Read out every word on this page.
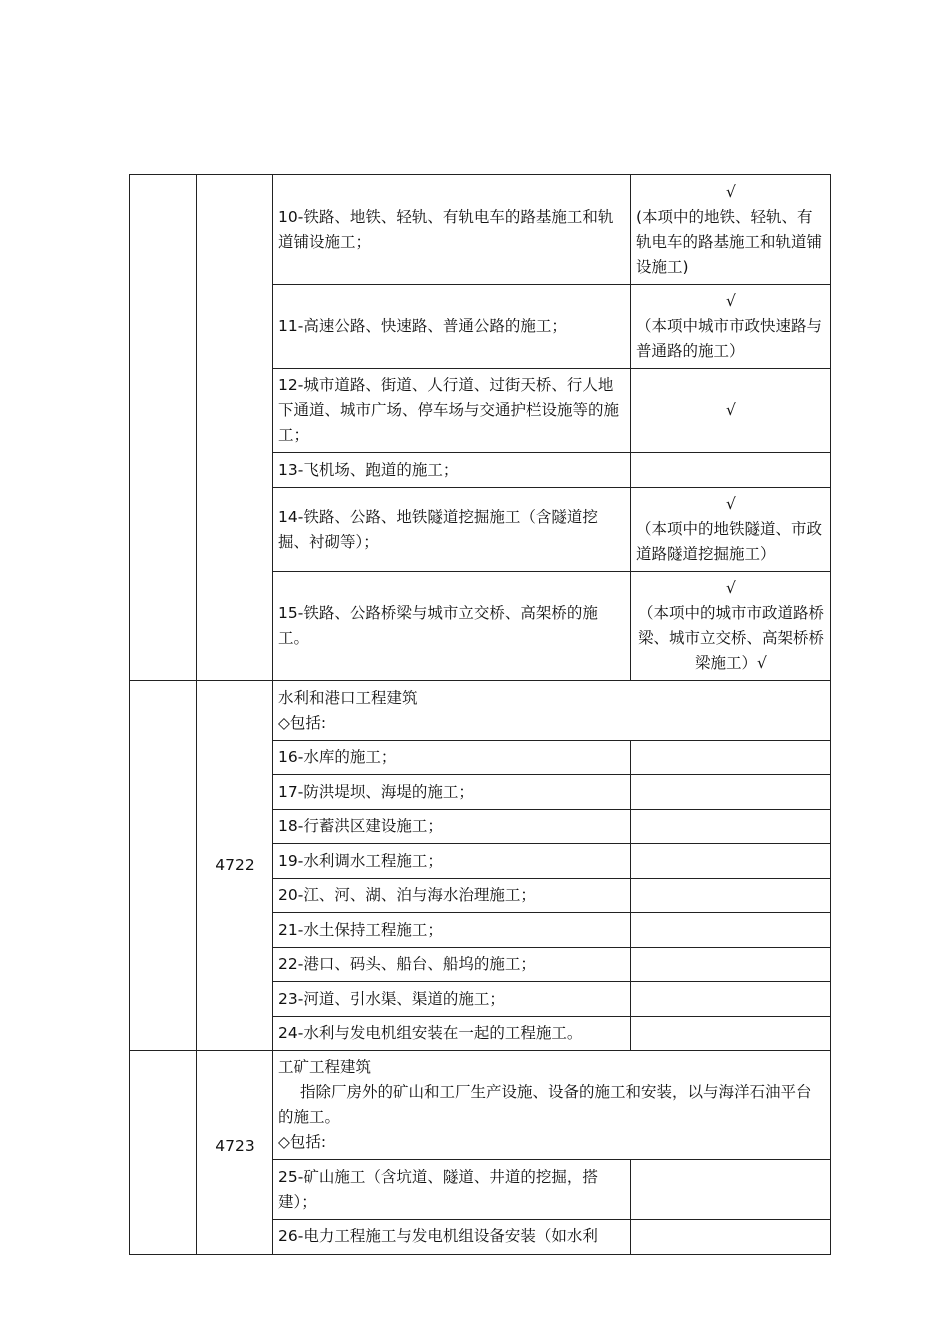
		10-铁路、地铁、轻轨、有轨电车的路基施工和轨道铺设施工；	√
(本项中的地铁、轻轨、有轨电车的路基施工和轨道铺设施工)

		11-高速公路、快速路、普通公路的施工；	√
（本项中城市市政快速路与普通路的施工）

		12-城市道路、街道、人行道、过街天桥、行人地下通道、城市广场、停车场与交通护栏设施等的施工；	√

		13-飞机场、跑道的施工；	
		14-铁路、公路、地铁隧道挖掘施工（含隧道挖掘、衬砌等）；	√
（本项中的地铁隧道、市政道路隧道挖掘施工）

		15-铁路、公路桥梁与城市立交桥、高架桥的施工。	√
（本项中的城市市政道路桥梁、城市立交桥、高架桥桥梁施工）√

	4722	水利和港口工程建筑
◇包括:	

		16-水库的施工；	
		17-防洪堤坝、海堤的施工；	
		18-行蓄洪区建设施工；	
		19-水利调水工程施工；	
		20-江、河、湖、泊与海水治理施工；	
		21-水土保持工程施工；	
		22-港口、码头、船台、船坞的施工；	
		23-河道、引水渠、渠道的施工；	
		24-水利与发电机组安装在一起的工程施工。	

	4723	工矿工程建筑
指除厂房外的矿山和工厂生产设施、设备的施工和安装，以与海洋石油平台的施工。
◇包括:	

		25-矿山施工（含坑道、隧道、井道的挖掘，搭建）；	
		26-电力工程施工与发电机组设备安装（如水利	
